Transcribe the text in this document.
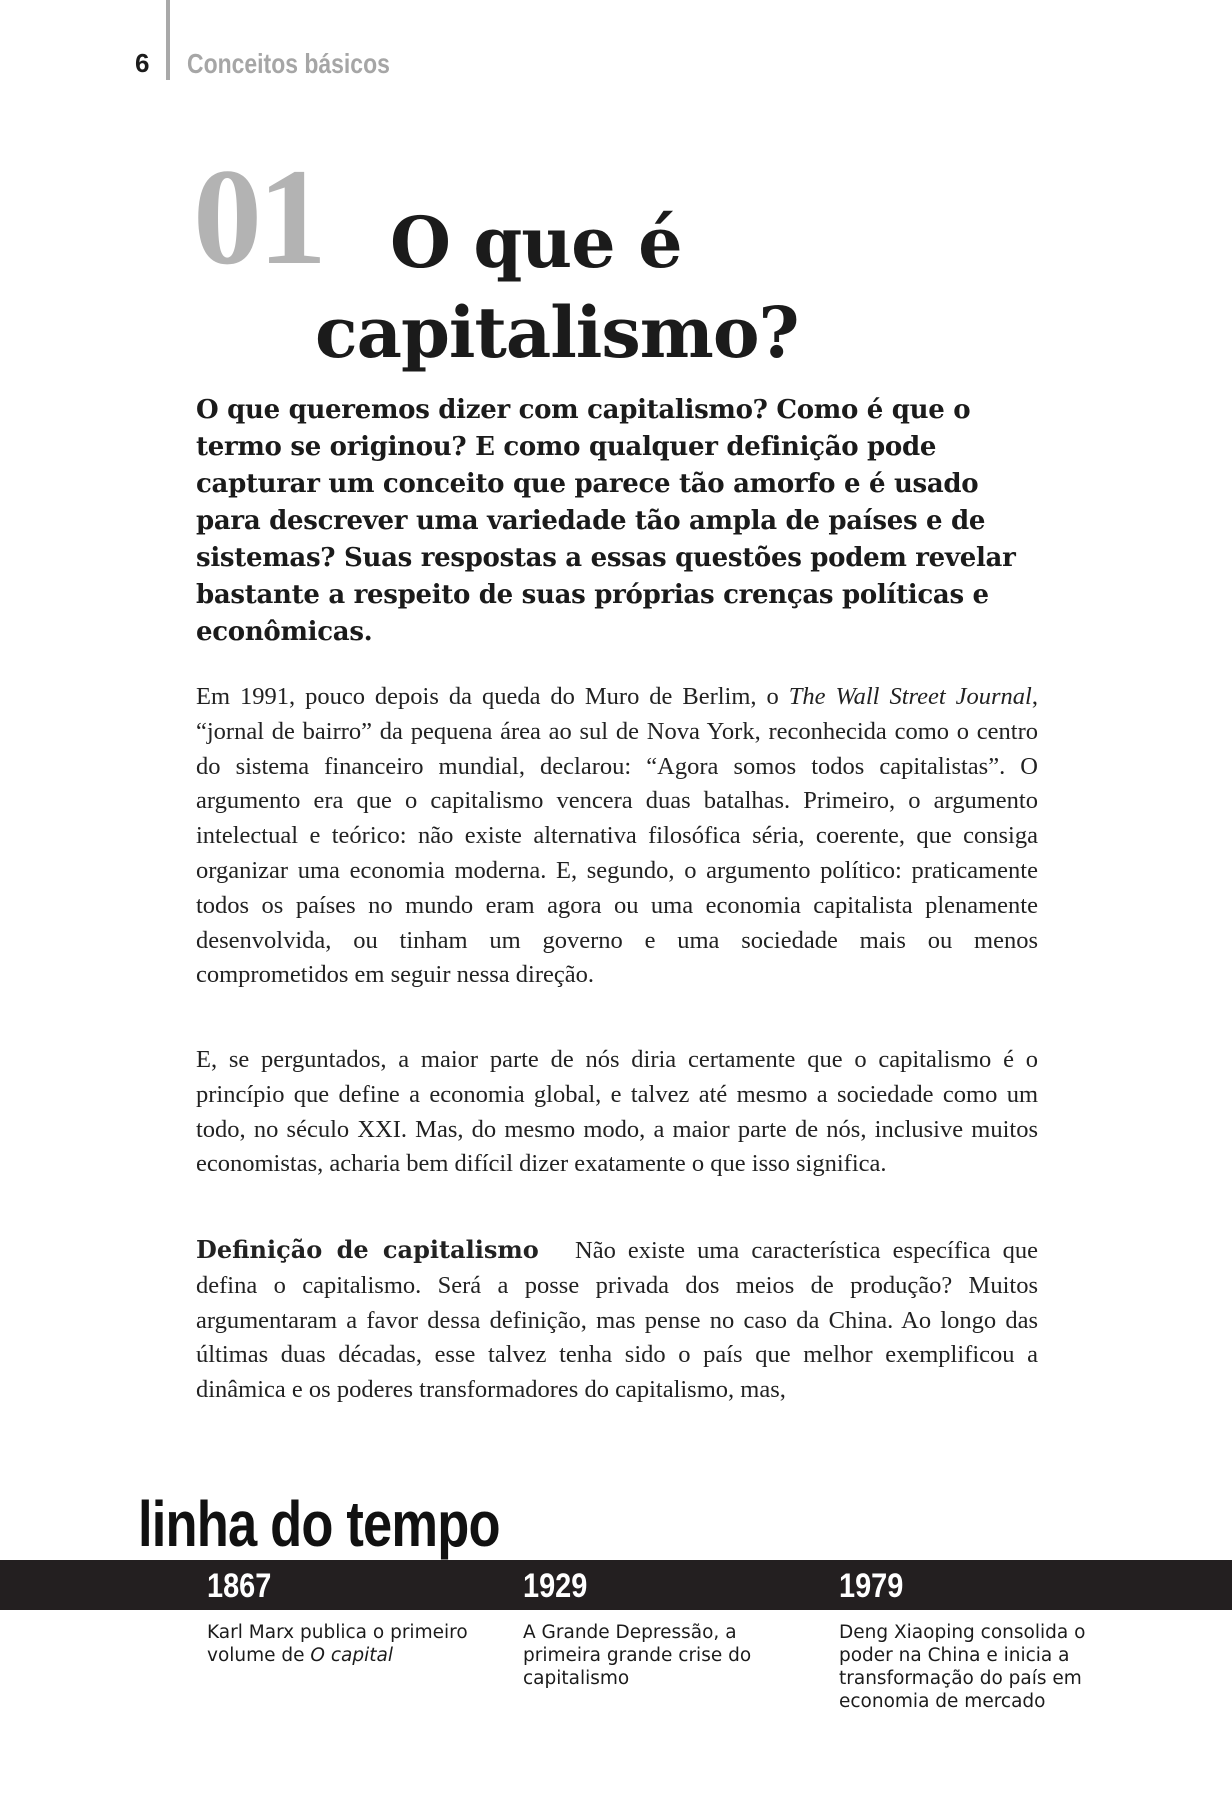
6 Conceitos básicos
01 O que é
capitalismo?

O que queremos dizer com capitalismo? Como é que o termo se originou? E como qualquer definição pode capturar um conceito que parece tão amorfo e é usado para descrever uma variedade tão ampla de países e de sistemas? Suas respostas a essas questões podem revelar bastante a respeito de suas próprias crenças políticas e econômicas.

Em 1991, pouco depois da queda do Muro de Berlim, o The Wall Street Journal, “jornal de bairro” da pequena área ao sul de Nova York, reconhecida como o centro do sistema financeiro mundial, declarou: “Agora somos todos capitalistas”. O argumento era que o capitalismo vencera duas batalhas. Primeiro, o argumento intelectual e teórico: não existe alternativa filosófica séria, coerente, que consiga organizar uma economia moderna. E, segundo, o argumento político: praticamente todos os países no mundo eram agora ou uma economia capitalista plenamente desenvolvida, ou tinham um governo e uma sociedade mais ou menos comprometidos em seguir nessa direção.

E, se perguntados, a maior parte de nós diria certamente que o capitalismo é o princípio que define a economia global, e talvez até mesmo a sociedade como um todo, no século XXI. Mas, do mesmo modo, a maior parte de nós, inclusive muitos economistas, acharia bem difícil dizer exatamente o que isso significa.

Definição de capitalismo Não existe uma característica específica que defina o capitalismo. Será a posse privada dos meios de produção? Muitos argumentaram a favor dessa definição, mas pense no caso da China. Ao longo das últimas duas décadas, esse talvez tenha sido o país que melhor exemplificou a dinâmica e os poderes transformadores do capitalismo, mas,

linha do tempo
1867	1929	1979
Karl Marx publica o primeiro volume de O capital
A Grande Depressão, a primeira grande crise do capitalismo
Deng Xiaoping consolida o poder na China e inicia a transformação do país em economia de mercado
